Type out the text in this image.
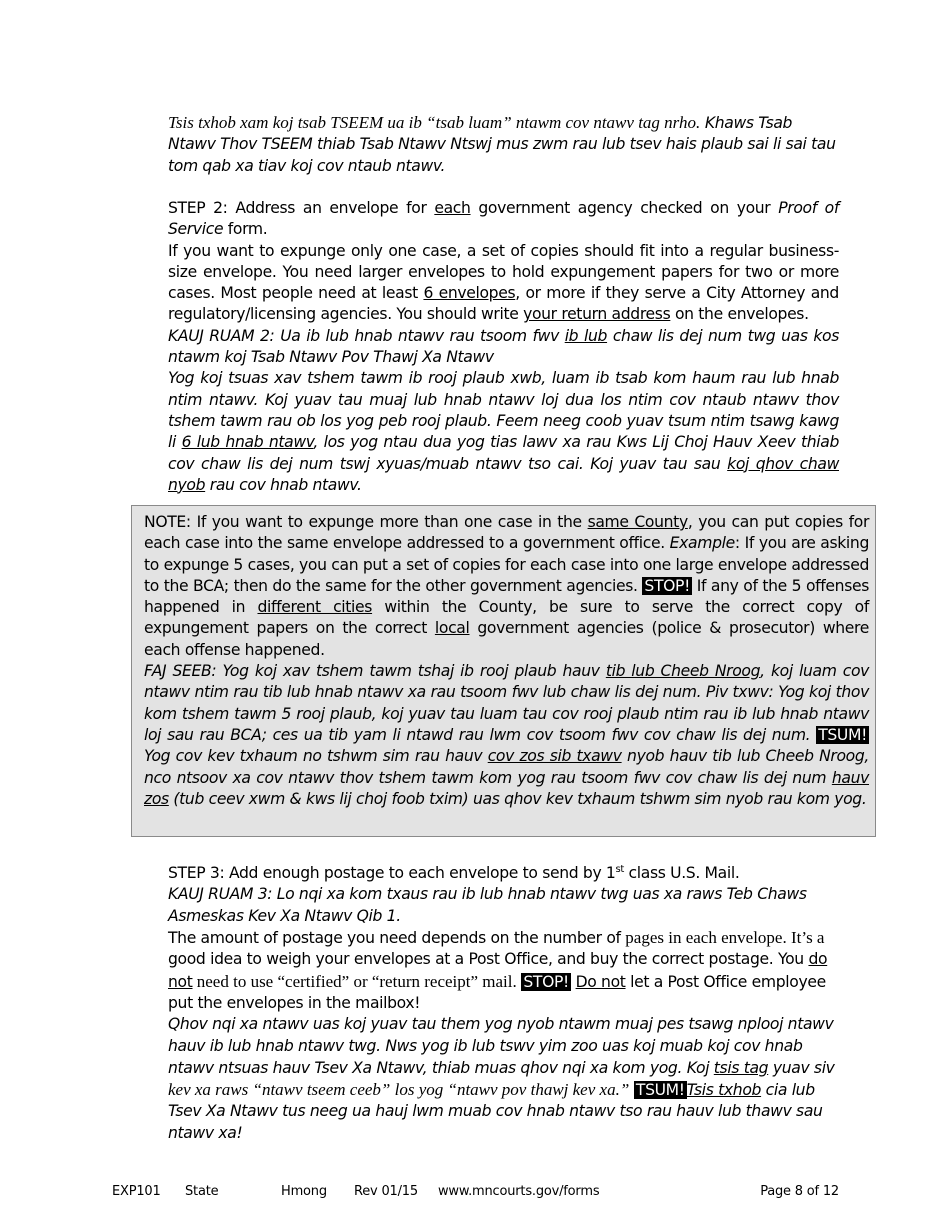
Tsis txhob xam koj tsab TSEEM ua ib “tsab luam” ntawm cov ntawv tag nrho. Khaws Tsab Ntawv Thov TSEEM thiab Tsab Ntawv Ntswj mus zwm rau lub tsev hais plaub sai li sai tau tom qab xa tiav koj cov ntaub ntawv.

STEP 2: Address an envelope for each government agency checked on your Proof of Service form.

If you want to expunge only one case, a set of copies should fit into a regular business-size envelope. You need larger envelopes to hold expungement papers for two or more cases. Most people need at least 6 envelopes, or more if they serve a City Attorney and regulatory/licensing agencies. You should write your return address on the envelopes.

KAUJ RUAM 2: Ua ib lub hnab ntawv rau tsoom fwv ib lub chaw lis dej num twg uas kos ntawm koj Tsab Ntawv Pov Thawj Xa Ntawv

Yog koj tsuas xav tshem tawm ib rooj plaub xwb, luam ib tsab kom haum rau lub hnab ntim ntawv. Koj yuav tau muaj lub hnab ntawv loj dua los ntim cov ntaub ntawv thov tshem tawm rau ob los yog peb rooj plaub. Feem neeg coob yuav tsum ntim tsawg kawg li 6 lub hnab ntawv, los yog ntau dua yog tias lawv xa rau Kws Lij Choj Hauv Xeev thiab cov chaw lis dej num tswj xyuas/muab ntawv tso cai. Koj yuav tau sau koj qhov chaw nyob rau cov hnab ntawv.

NOTE: If you want to expunge more than one case in the same County, you can put copies for each case into the same envelope addressed to a government office. Example: If you are asking to expunge 5 cases, you can put a set of copies for each case into one large envelope addressed to the BCA; then do the same for the other government agencies. STOP! If any of the 5 offenses happened in different cities within the County, be sure to serve the correct copy of expungement papers on the correct local government agencies (police & prosecutor) where each offense happened.

FAJ SEEB: Yog koj xav tshem tawm tshaj ib rooj plaub hauv tib lub Cheeb Nroog, koj luam cov ntawv ntim rau tib lub hnab ntawv xa rau tsoom fwv lub chaw lis dej num. Piv txwv: Yog koj thov kom tshem tawm 5 rooj plaub, koj yuav tau luam tau cov rooj plaub ntim rau ib lub hnab ntawv loj sau rau BCA; ces ua tib yam li ntawd rau lwm cov tsoom fwv cov chaw lis dej num. TSUM! Yog cov kev txhaum no tshwm sim rau hauv cov zos sib txawv nyob hauv tib lub Cheeb Nroog, nco ntsoov xa cov ntawv thov tshem tawm kom yog rau tsoom fwv cov chaw lis dej num hauv zos (tub ceev xwm & kws lij choj foob txim) uas qhov kev txhaum tshwm sim nyob rau kom yog.

STEP 3: Add enough postage to each envelope to send by 1st class U.S. Mail.

KAUJ RUAM 3: Lo nqi xa kom txaus rau ib lub hnab ntawv twg uas xa raws Teb Chaws Asmeskas Kev Xa Ntawv Qib 1.

The amount of postage you need depends on the number of pages in each envelope. It’s a good idea to weigh your envelopes at a Post Office, and buy the correct postage. You do not need to use “certified” or “return receipt” mail. STOP! Do not let a Post Office employee put the envelopes in the mailbox!

Qhov nqi xa ntawv uas koj yuav tau them yog nyob ntawm muaj pes tsawg nplooj ntawv hauv ib lub hnab ntawv twg. Nws yog ib lub tswv yim zoo uas koj muab koj cov hnab ntawv ntsuas hauv Tsev Xa Ntawv, thiab muas qhov nqi xa kom yog. Koj tsis tag yuav siv kev xa raws “ntawv tseem ceeb” los yog “ntawv pov thawj kev xa.” TSUM! Tsis txhob cia lub Tsev Xa Ntawv tus neeg ua hauj lwm muab cov hnab ntawv tso rau hauv lub thawv sau ntawv xa!

EXP101 State	Hmong Rev 01/15 www.mncourts.gov/forms	Page 8 of 12
